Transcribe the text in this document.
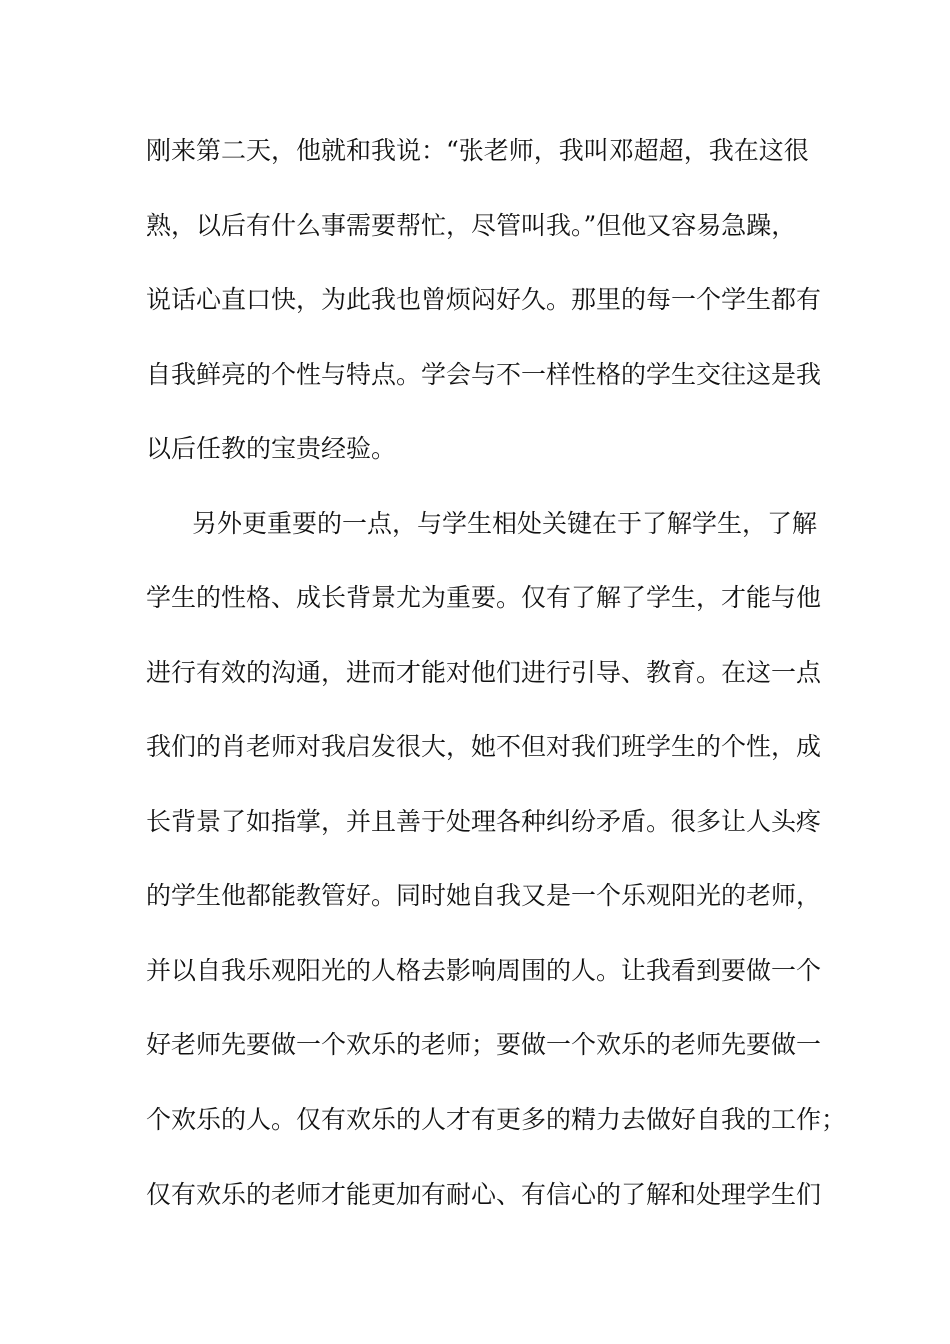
刚来第二天，他就和我说：“张老师，我叫邓超超，我在这很

熟，以后有什么事需要帮忙，尽管叫我。”但他又容易急躁，

说话心直口快，为此我也曾烦闷好久。那里的每一个学生都有

自我鲜亮的个性与特点。学会与不一样性格的学生交往这是我

以后任教的宝贵经验。

另外更重要的一点，与学生相处关键在于了解学生，了解

学生的性格、成长背景尤为重要。仅有了解了学生，才能与他

进行有效的沟通，进而才能对他们进行引导、教育。在这一点

我们的肖老师对我启发很大，她不但对我们班学生的个性，成

长背景了如指掌，并且善于处理各种纠纷矛盾。很多让人头疼

的学生他都能教管好。同时她自我又是一个乐观阳光的老师，

并以自我乐观阳光的人格去影响周围的人。让我看到要做一个

好老师先要做一个欢乐的老师；要做一个欢乐的老师先要做一

个欢乐的人。仅有欢乐的人才有更多的精力去做好自我的工作；

仅有欢乐的老师才能更加有耐心、有信心的了解和处理学生们
